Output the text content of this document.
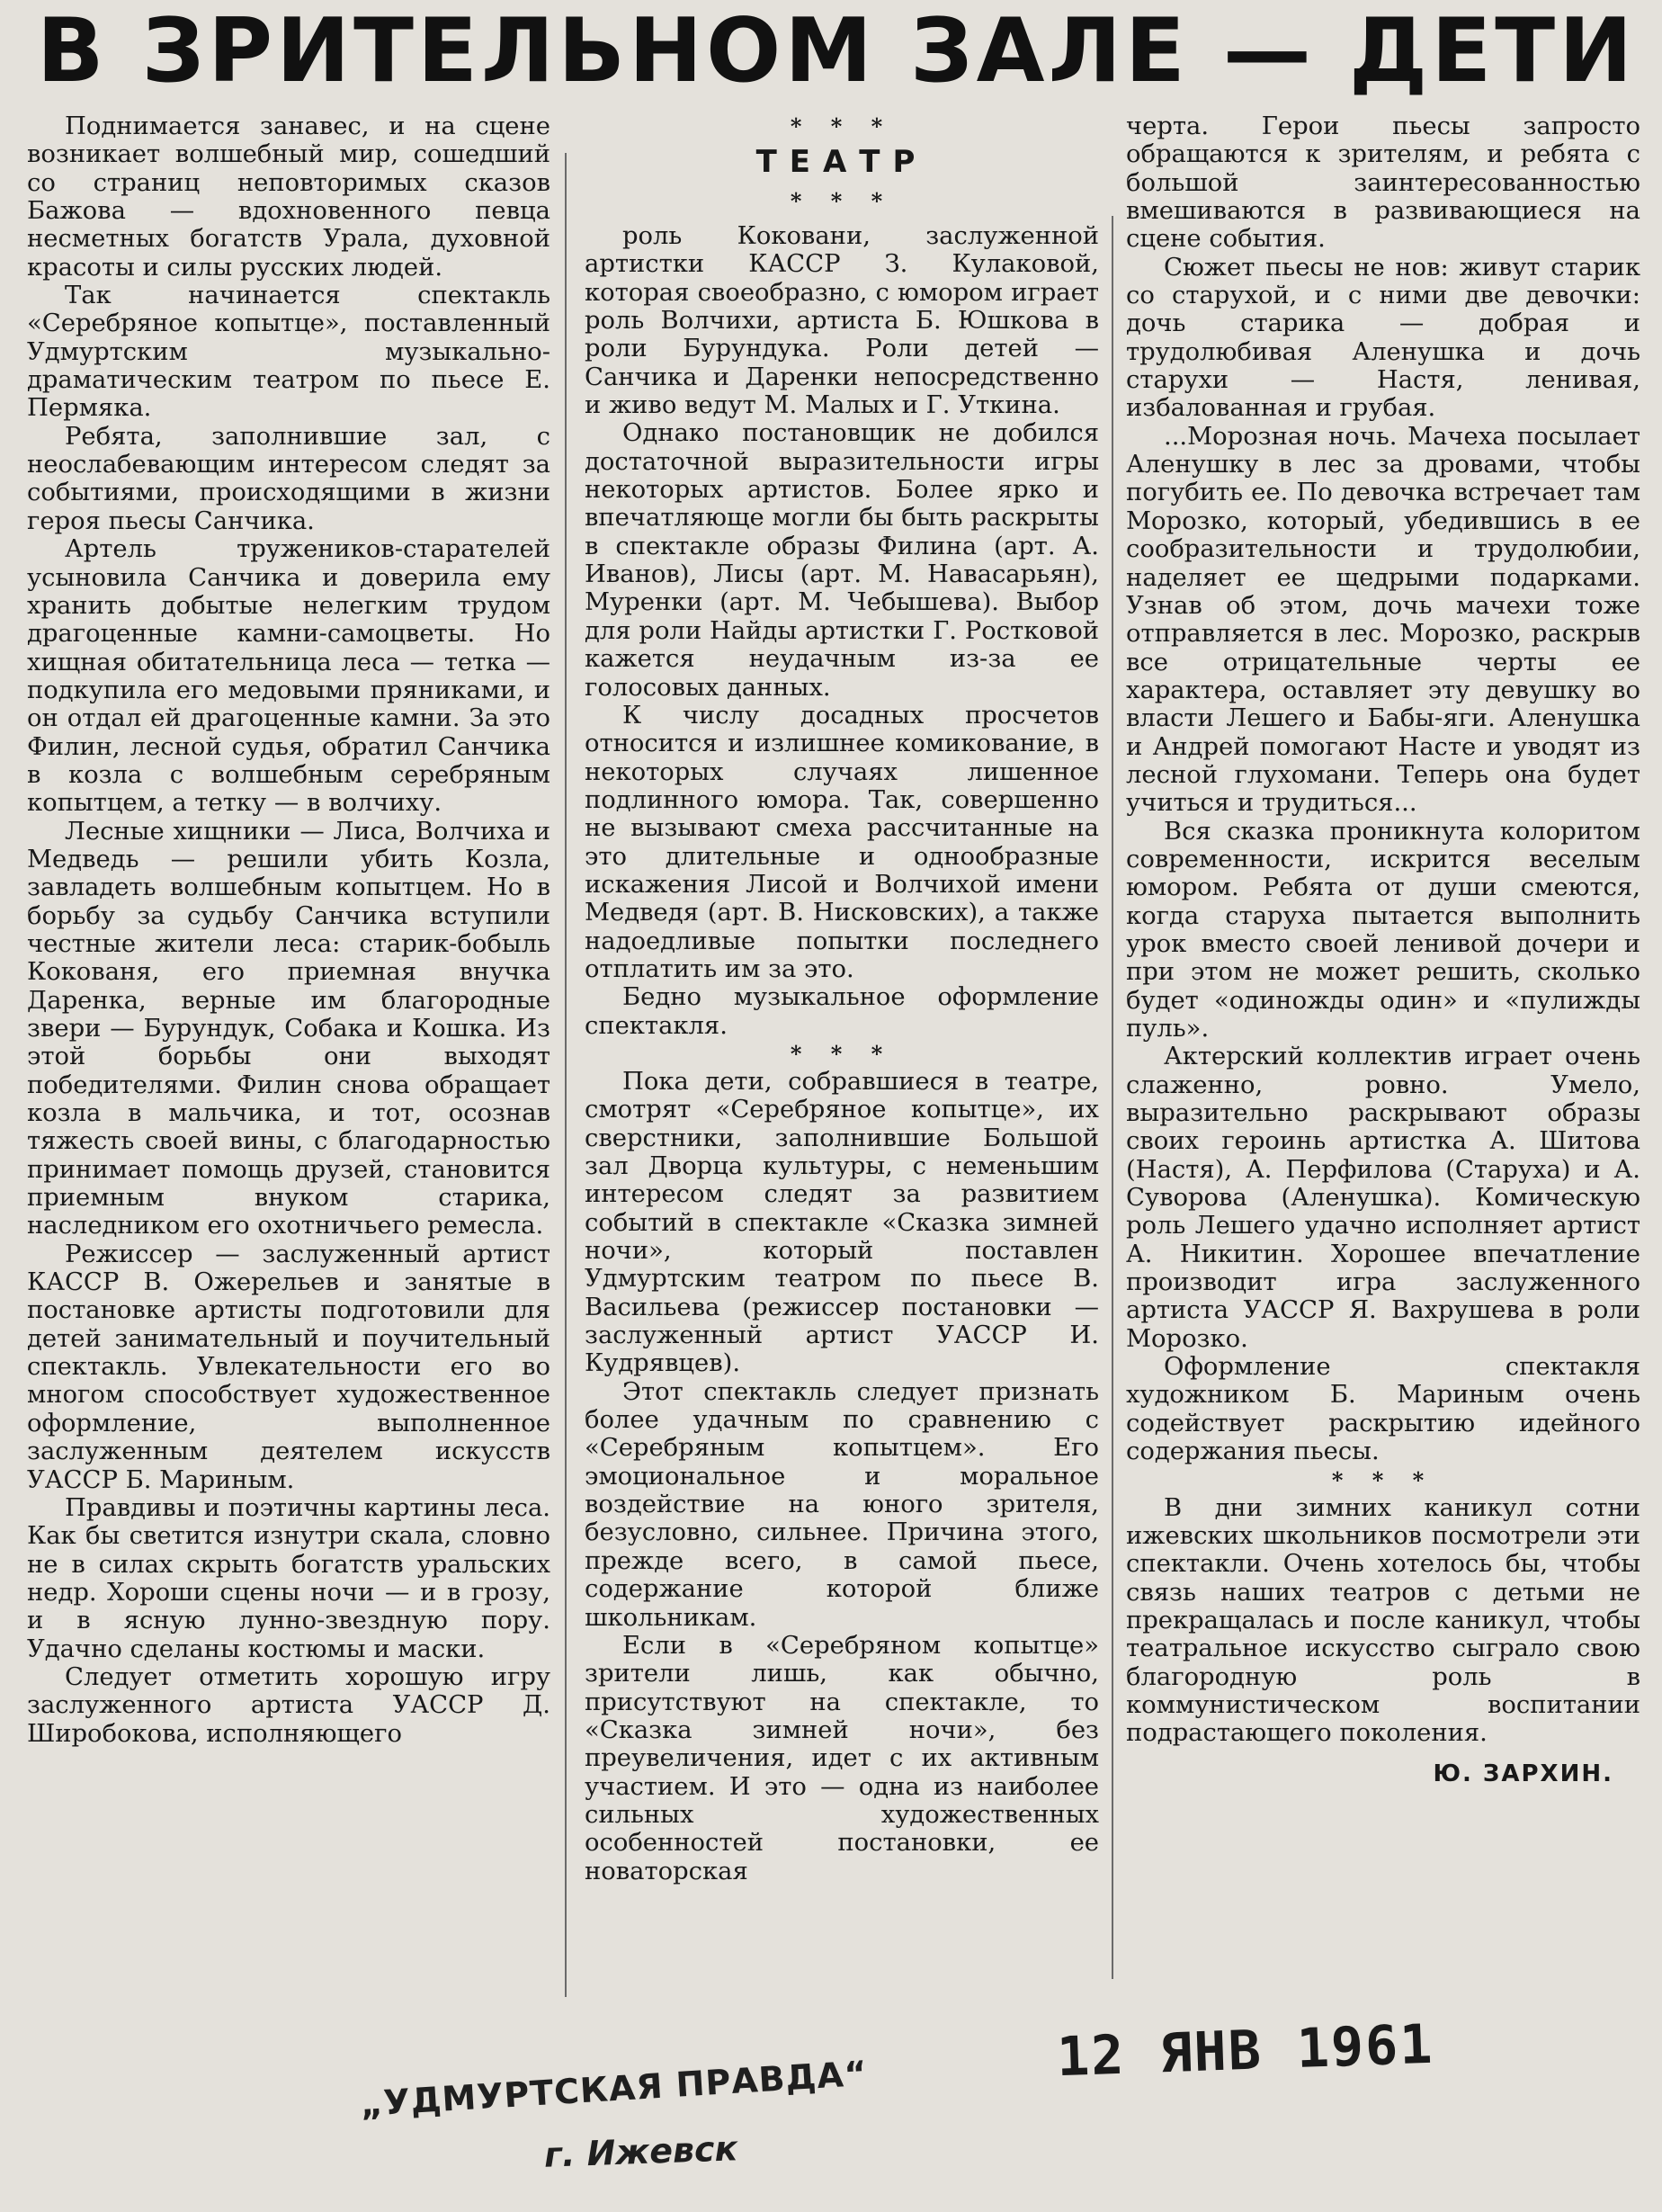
В ЗРИТЕЛЬНОМ ЗАЛЕ — ДЕТИ

Поднимается занавес, и на сцене возникает волшебный мир, сошедший со страниц неповторимых сказов Бажова — вдохновенного певца несметных богатств Урала, духовной красоты и силы русских людей.

Так начинается спектакль «Серебряное копытце», поставленный Удмуртским музыкально-драматическим театром по пьесе Е. Пермяка.

Ребята, заполнившие зал, с неослабевающим интересом следят за событиями, происходящими в жизни героя пьесы Санчика.

Артель тружеников-старателей усыновила Санчика и доверила ему хранить добытые нелегким трудом драгоценные камни-самоцветы. Но хищная обитательница леса — тетка — подкупила его медовыми пряниками, и он отдал ей драгоценные камни. За это Филин, лесной судья, обратил Санчика в козла с волшебным серебряным копытцем, а тетку — в волчиху.

Лесные хищники — Лиса, Волчиха и Медведь — решили убить Козла, завладеть волшебным копытцем. Но в борьбу за судьбу Санчика вступили честные жители леса: старик-бобыль Кокованя, его приемная внучка Даренка, верные им благородные звери — Бурундук, Собака и Кошка. Из этой борьбы они выходят победителями. Филин снова обращает козла в мальчика, и тот, осознав тяжесть своей вины, с благодарностью принимает помощь друзей, становится приемным внуком старика, наследником его охотничьего ремесла.

Режиссер — заслуженный артист КАССР В. Ожерельев и занятые в постановке артисты подготовили для детей занимательный и поучительный спектакль. Увлекательности его во многом способствует художественное оформление, выполненное заслуженным деятелем искусств УАССР Б. Мариным.

Правдивы и поэтичны картины леса. Как бы светится изнутри скала, словно не в силах скрыть богатств уральских недр. Хороши сцены ночи — и в грозу, и в ясную лунно-звездную пору. Удачно сделаны костюмы и маски.

Следует отметить хорошую игру заслуженного артиста УАССР Д. Широбокова, исполняющего

* * *
ТЕАТР
* * *

роль Коковани, заслуженной артистки КАССР З. Кулаковой, которая своеобразно, с юмором играет роль Волчихи, артиста Б. Юшкова в роли Бурундука. Роли детей — Санчика и Даренки непосредственно и живо ведут М. Малых и Г. Уткина.

Однако постановщик не добился достаточной выразительности игры некоторых артистов. Более ярко и впечатляюще могли бы быть раскрыты в спектакле образы Филина (арт. А. Иванов), Лисы (арт. М. Навасарьян), Муренки (арт. М. Чебышева). Выбор для роли Найды артистки Г. Ростковой кажется неудачным из-за ее голосовых данных.

К числу досадных просчетов относится и излишнее комикование, в некоторых случаях лишенное подлинного юмора. Так, совершенно не вызывают смеха рассчитанные на это длительные и однообразные искажения Лисой и Волчихой имени Медведя (арт. В. Нисковских), а также надоедливые попытки последнего отплатить им за это.

Бедно музыкальное оформление спектакля.

* * *

Пока дети, собравшиеся в театре, смотрят «Серебряное копытце», их сверстники, заполнившие Большой зал Дворца культуры, с неменьшим интересом следят за развитием событий в спектакле «Сказка зимней ночи», который поставлен Удмуртским театром по пьесе В. Васильева (режиссер постановки — заслуженный артист УАССР И. Кудрявцев).

Этот спектакль следует признать более удачным по сравнению с «Серебряным копытцем». Его эмоциональное и моральное воздействие на юного зрителя, безусловно, сильнее. Причина этого, прежде всего, в самой пьесе, содержание которой ближе школьникам.

Если в «Серебряном копытце» зрители лишь, как обычно, присутствуют на спектакле, то «Сказка зимней ночи», без преувеличения, идет с их активным участием. И это — одна из наиболее сильных художественных особенностей постановки, ее новаторская

черта. Герои пьесы запросто обращаются к зрителям, и ребята с большой заинтересованностью вмешиваются в развивающиеся на сцене события.

Сюжет пьесы не нов: живут старик со старухой, и с ними две девочки: дочь старика — добрая и трудолюбивая Аленушка и дочь старухи — Настя, ленивая, избалованная и грубая.

...Морозная ночь. Мачеха посылает Аленушку в лес за дровами, чтобы погубить ее. По девочка встречает там Морозко, который, убедившись в ее сообразительности и трудолюбии, наделяет ее щедрыми подарками. Узнав об этом, дочь мачехи тоже отправляется в лес. Морозко, раскрыв все отрицательные черты ее характера, оставляет эту девушку во власти Лешего и Бабы-яги. Аленушка и Андрей помогают Насте и уводят из лесной глухомани. Теперь она будет учиться и трудиться...

Вся сказка проникнута колоритом современности, искрится веселым юмором. Ребята от души смеются, когда старуха пытается выполнить урок вместо своей ленивой дочери и при этом не может решить, сколько будет «одиножды один» и «пулижды пуль».

Актерский коллектив играет очень слаженно, ровно. Умело, выразительно раскрывают образы своих героинь артистка А. Шитова (Настя), А. Перфилова (Старуха) и А. Суворова (Аленушка). Комическую роль Лешего удачно исполняет артист А. Никитин. Хорошее впечатление производит игра заслуженного артиста УАССР Я. Вахрушева в роли Морозко.

Оформление спектакля художником Б. Мариным очень содействует раскрытию идейного содержания пьесы.

* * *

В дни зимних каникул сотни ижевских школьников посмотрели эти спектакли. Очень хотелось бы, чтобы связь наших театров с детьми не прекращалась и после каникул, чтобы театральное искусство сыграло свою благородную роль в коммунистическом воспитании подрастающего поколения.

Ю. ЗАРХИН.
„УДМУРТСКАЯ ПРАВДА“
г. Ижевск
12 ЯНВ 1961
